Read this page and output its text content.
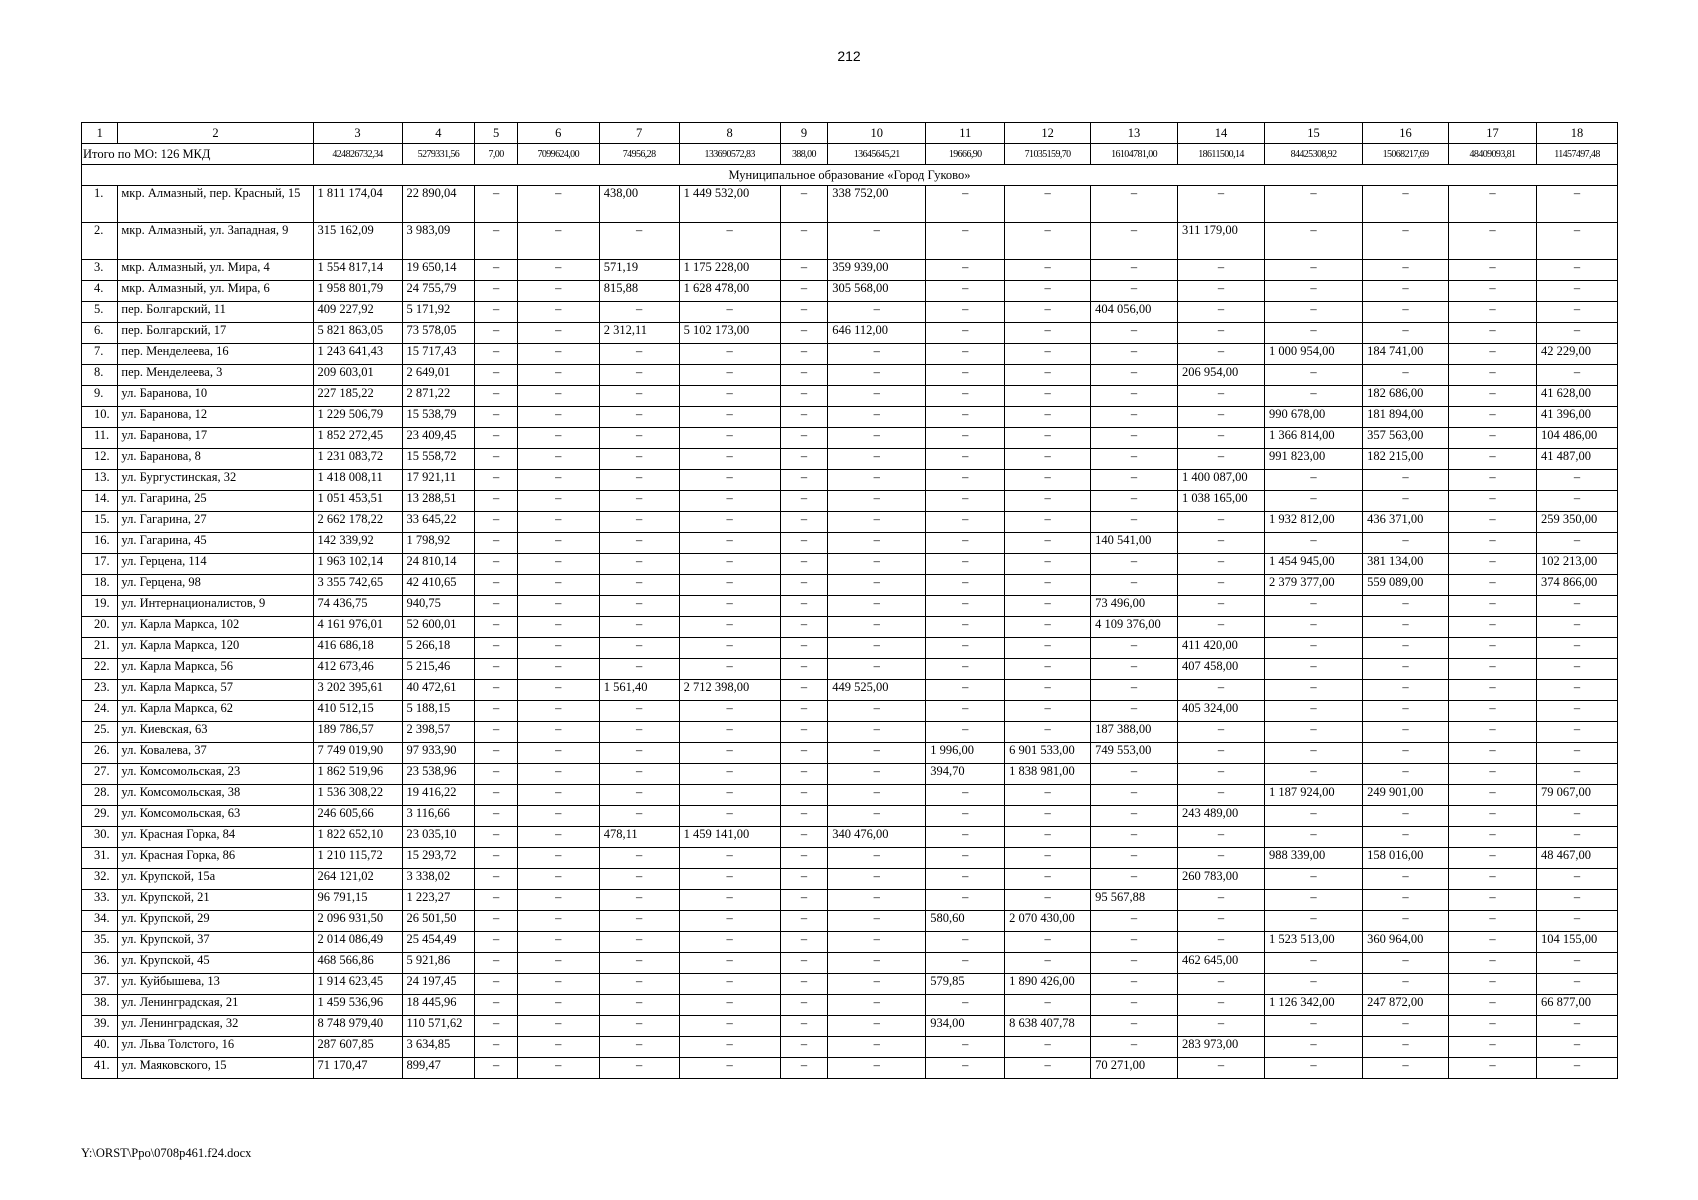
212
1	2	3	4	5	6	7	8	9	10	11	12	13	14	15	16	17	18
Итого по МО: 126 МКД		424826732,34	5279331,56	7,00	7099624,00	74956,28	133690572,83	388,00	13645645,21	19666,90	71035159,70	16104781,00	18611500,14	84425308,92	15068217,69	48409093,81	11457497,48
Муниципальное образование «Город Гуково»																	
1.	мкр. Алмазный, пер. Красный, 15	1 811 174,04	22 890,04	–	–	438,00	1 449 532,00	–	338 752,00	–	–	–	–	–	–	–	–
2.	мкр. Алмазный, ул. Западная, 9	315 162,09	3 983,09	–	–	–	–	–	–	–	–	–	311 179,00	–	–	–	–
3.	мкр. Алмазный, ул. Мира, 4	1 554 817,14	19 650,14	–	–	571,19	1 175 228,00	–	359 939,00	–	–	–	–	–	–	–	–
4.	мкр. Алмазный, ул. Мира, 6	1 958 801,79	24 755,79	–	–	815,88	1 628 478,00	–	305 568,00	–	–	–	–	–	–	–	–
5.	пер. Болгарский, 11	409 227,92	5 171,92	–	–	–	–	–	–	–	–	404 056,00	–	–	–	–	–
6.	пер. Болгарский, 17	5 821 863,05	73 578,05	–	–	2 312,11	5 102 173,00	–	646 112,00	–	–	–	–	–	–	–	–
7.	пер. Менделеева, 16	1 243 641,43	15 717,43	–	–	–	–	–	–	–	–	–	–	1 000 954,00	184 741,00	–	42 229,00
8.	пер. Менделеева, 3	209 603,01	2 649,01	–	–	–	–	–	–	–	–	–	206 954,00	–	–	–	–
9.	ул. Баранова, 10	227 185,22	2 871,22	–	–	–	–	–	–	–	–	–	–	–	182 686,00	–	41 628,00
10.	ул. Баранова, 12	1 229 506,79	15 538,79	–	–	–	–	–	–	–	–	–	–	990 678,00	181 894,00	–	41 396,00
11.	ул. Баранова, 17	1 852 272,45	23 409,45	–	–	–	–	–	–	–	–	–	–	1 366 814,00	357 563,00	–	104 486,00
12.	ул. Баранова, 8	1 231 083,72	15 558,72	–	–	–	–	–	–	–	–	–	–	991 823,00	182 215,00	–	41 487,00
13.	ул. Бургустинская, 32	1 418 008,11	17 921,11	–	–	–	–	–	–	–	–	–	1 400 087,00	–	–	–	–
14.	ул. Гагарина, 25	1 051 453,51	13 288,51	–	–	–	–	–	–	–	–	–	1 038 165,00	–	–	–	–
15.	ул. Гагарина, 27	2 662 178,22	33 645,22	–	–	–	–	–	–	–	–	–	–	1 932 812,00	436 371,00	–	259 350,00
16.	ул. Гагарина, 45	142 339,92	1 798,92	–	–	–	–	–	–	–	–	140 541,00	–	–	–	–	–
17.	ул. Герцена, 114	1 963 102,14	24 810,14	–	–	–	–	–	–	–	–	–	–	1 454 945,00	381 134,00	–	102 213,00
18.	ул. Герцена, 98	3 355 742,65	42 410,65	–	–	–	–	–	–	–	–	–	–	2 379 377,00	559 089,00	–	374 866,00
19.	ул. Интернационалистов, 9	74 436,75	940,75	–	–	–	–	–	–	–	–	73 496,00	–	–	–	–	–
20.	ул. Карла Маркса, 102	4 161 976,01	52 600,01	–	–	–	–	–	–	–	–	4 109 376,00	–	–	–	–	–
21.	ул. Карла Маркса, 120	416 686,18	5 266,18	–	–	–	–	–	–	–	–	–	411 420,00	–	–	–	–
22.	ул. Карла Маркса, 56	412 673,46	5 215,46	–	–	–	–	–	–	–	–	–	407 458,00	–	–	–	–
23.	ул. Карла Маркса, 57	3 202 395,61	40 472,61	–	–	1 561,40	2 712 398,00	–	449 525,00	–	–	–	–	–	–	–	–
24.	ул. Карла Маркса, 62	410 512,15	5 188,15	–	–	–	–	–	–	–	–	–	405 324,00	–	–	–	–
25.	ул. Киевская, 63	189 786,57	2 398,57	–	–	–	–	–	–	–	–	187 388,00	–	–	–	–	–
26.	ул. Ковалева, 37	7 749 019,90	97 933,90	–	–	–	–	–	–	1 996,00	6 901 533,00	749 553,00	–	–	–	–	–
27.	ул. Комсомольская, 23	1 862 519,96	23 538,96	–	–	–	–	–	–	394,70	1 838 981,00	–	–	–	–	–	–
28.	ул. Комсомольская, 38	1 536 308,22	19 416,22	–	–	–	–	–	–	–	–	–	–	1 187 924,00	249 901,00	–	79 067,00
29.	ул. Комсомольская, 63	246 605,66	3 116,66	–	–	–	–	–	–	–	–	–	243 489,00	–	–	–	–
30.	ул. Красная Горка, 84	1 822 652,10	23 035,10	–	–	478,11	1 459 141,00	–	340 476,00	–	–	–	–	–	–	–	–
31.	ул. Красная Горка, 86	1 210 115,72	15 293,72	–	–	–	–	–	–	–	–	–	–	988 339,00	158 016,00	–	48 467,00
32.	ул. Крупской, 15а	264 121,02	3 338,02	–	–	–	–	–	–	–	–	–	260 783,00	–	–	–	–
33.	ул. Крупской, 21	96 791,15	1 223,27	–	–	–	–	–	–	–	–	95 567,88	–	–	–	–	–
34.	ул. Крупской, 29	2 096 931,50	26 501,50	–	–	–	–	–	–	580,60	2 070 430,00	–	–	–	–	–	–
35.	ул. Крупской, 37	2 014 086,49	25 454,49	–	–	–	–	–	–	–	–	–	–	1 523 513,00	360 964,00	–	104 155,00
36.	ул. Крупской, 45	468 566,86	5 921,86	–	–	–	–	–	–	–	–	–	462 645,00	–	–	–	–
37.	ул. Куйбышева, 13	1 914 623,45	24 197,45	–	–	–	–	–	–	579,85	1 890 426,00	–	–	–	–	–	–
38.	ул. Ленинградская, 21	1 459 536,96	18 445,96	–	–	–	–	–	–	–	–	–	–	1 126 342,00	247 872,00	–	66 877,00
39.	ул. Ленинградская, 32	8 748 979,40	110 571,62	–	–	–	–	–	–	934,00	8 638 407,78	–	–	–	–	–	–
40.	ул. Льва Толстого, 16	287 607,85	3 634,85	–	–	–	–	–	–	–	–	–	283 973,00	–	–	–	–
41.	ул. Маяковского, 15	71 170,47	899,47	–	–	–	–	–	–	–	–	70 271,00	–	–	–	–	–
Y:\ORST\Ppo\0708p461.f24.docx
